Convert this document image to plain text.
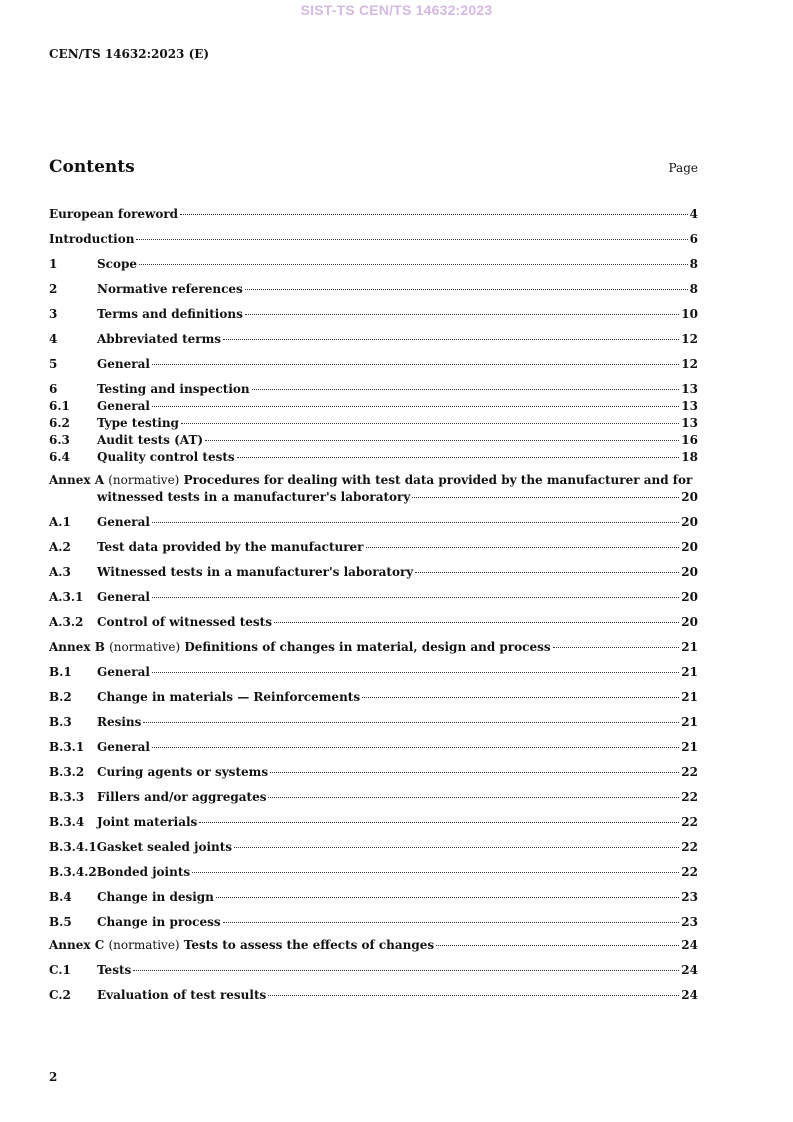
SIST-TS CEN/TS 14632:2023
CEN/TS 14632:2023 (E)
Contents	Page
European foreword	4
Introduction	6
1	Scope	8
2	Normative references	8
3	Terms and definitions	10
4	Abbreviated terms	12
5	General	12
6	Testing and inspection	13
6.1	General	13
6.2	Type testing	13
6.3	Audit tests (AT)	16
6.4	Quality control tests	18
Annex A (normative) Procedures for dealing with test data provided by the manufacturer and for
witnessed tests in a manufacturer's laboratory	20
A.1	General	20
A.2	Test data provided by the manufacturer	20
A.3	Witnessed tests in a manufacturer's laboratory	20
A.3.1	General	20
A.3.2	Control of witnessed tests	20
Annex B (normative) Definitions of changes in material, design and process	21
B.1	General	21
B.2	Change in materials — Reinforcements	21
B.3	Resins	21
B.3.1	General	21
B.3.2	Curing agents or systems	22
B.3.3	Fillers and/or aggregates	22
B.3.4	Joint materials	22
B.3.4.1 Gasket sealed joints	22
B.3.4.2 Bonded joints	22
B.4	Change in design	23
B.5	Change in process	23
Annex C (normative) Tests to assess the effects of changes	24
C.1	Tests	24
C.2	Evaluation of test results	24
2
